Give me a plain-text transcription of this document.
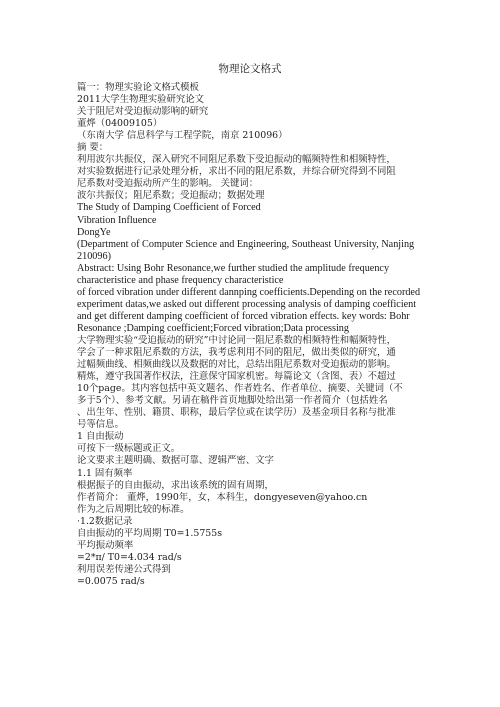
物理论文格式
篇一：物理实验论文格式模板
2011大学生物理实验研究论文
关于阻尼对受迫振动影响的研究
董烨（04009105）
（东南大学 信息科学与工程学院，南京 210096）
摘 要：
利用波尔共振仪，深入研究不同阻尼系数下受迫振动的幅频特性和相频特性，
对实验数据进行记录处理分析，求出不同的阻尼系数，并综合研究得到不同阻
尼系数对受迫振动所产生的影响。 关键词：
波尔共振仪；阻尼系数；受迫振动；数据处理
The Study of Damping Coefficient of Forced
Vibration Influence
DongYe
(Department of Computer Science and Engineering, Southeast University, Nanjing
210096)
Abstract: Using Bohr Resonance,we further studied the amplitude frequency
characteristice and phase frequency characteristice
of forced vibration under different dannping coefficients.Depending on the recorded
experiment datas,we asked out different processing analysis of damping coefficient
and get different damping coefficient of forced vibration effects. key words: Bohr
Resonance ;Damping coefficient;Forced vibration;Data processing
大学物理实验“受迫振动的研究”中讨论同一阻尼系数的相频特性和幅频特性，
学会了一种求阻尼系数的方法，我考虑利用不同的阻尼，做出类似的研究，通
过幅频曲线、相频曲线以及数据的对比，总结出阻尼系数对受迫振动的影响。
精炼，遵守我国著作权法，注意保守国家机密。每篇论文（含图、表）不超过
10个page。其内容包括中英文题名、作者姓名、作者单位、摘要、关键词（不
多于5个）、参考文献。另请在稿件首页地脚处给出第一作者简介（包括姓名
、出生年、性别、籍贯、职称，最后学位或在读学历）及基金项目名称与批准
号等信息。
1 自由振动
可按下一级标题或正文。
论文要求主题明确、数据可靠、逻辑严密、文字
1.1 固有频率
根据振子的自由振动，求出该系统的固有周期，
作者简介： 董烨，1990年，女，本科生，dongyeseven@yahoo.cn
作为之后周期比较的标准。
·1.2数据记录
自由振动的平均周期 T0=1.5755s
平均振动频率
=2*π/ T0=4.034 rad/s
利用误差传递公式得到
=0.0075 rad/s
